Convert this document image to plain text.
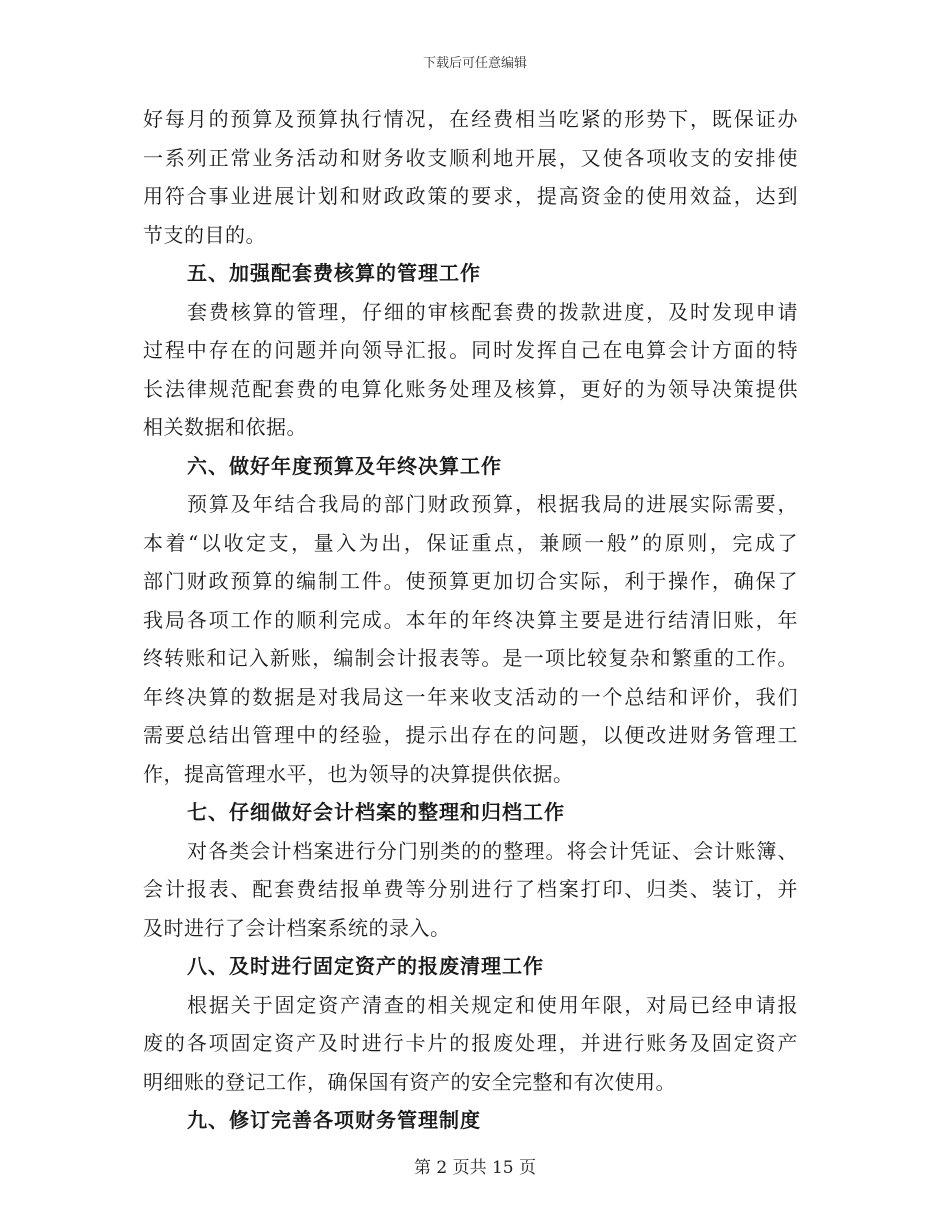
下载后可任意编辑
好每月的预算及预算执行情况，在经费相当吃紧的形势下，既保证办
一系列正常业务活动和财务收支顺利地开展，又使各项收支的安排使
用符合事业进展计划和财政政策的要求，提高资金的使用效益，达到
节支的目的。
五、加强配套费核算的管理工作
套费核算的管理，仔细的审核配套费的拨款进度，及时发现申请
过程中存在的问题并向领导汇报。同时发挥自己在电算会计方面的特
长法律规范配套费的电算化账务处理及核算，更好的为领导决策提供
相关数据和依据。
六、做好年度预算及年终决算工作
预算及年结合我局的部门财政预算，根据我局的进展实际需要，
本着“以收定支，量入为出，保证重点，兼顾一般”的原则，完成了
部门财政预算的编制工件。使预算更加切合实际，利于操作，确保了
我局各项工作的顺利完成。本年的年终决算主要是进行结清旧账，年
终转账和记入新账，编制会计报表等。是一项比较复杂和繁重的工作。
年终决算的数据是对我局这一年来收支活动的一个总结和评价，我们
需要总结出管理中的经验，提示出存在的问题，以便改进财务管理工
作，提高管理水平，也为领导的决算提供依据。
七、仔细做好会计档案的整理和归档工作
对各类会计档案进行分门别类的的整理。将会计凭证、会计账簿、
会计报表、配套费结报单费等分别进行了档案打印、归类、装订，并
及时进行了会计档案系统的录入。
八、及时进行固定资产的报废清理工作
根据关于固定资产清查的相关规定和使用年限，对局已经申请报
废的各项固定资产及时进行卡片的报废处理，并进行账务及固定资产
明细账的登记工作，确保国有资产的安全完整和有次使用。
九、修订完善各项财务管理制度
第 2 页共 15 页
